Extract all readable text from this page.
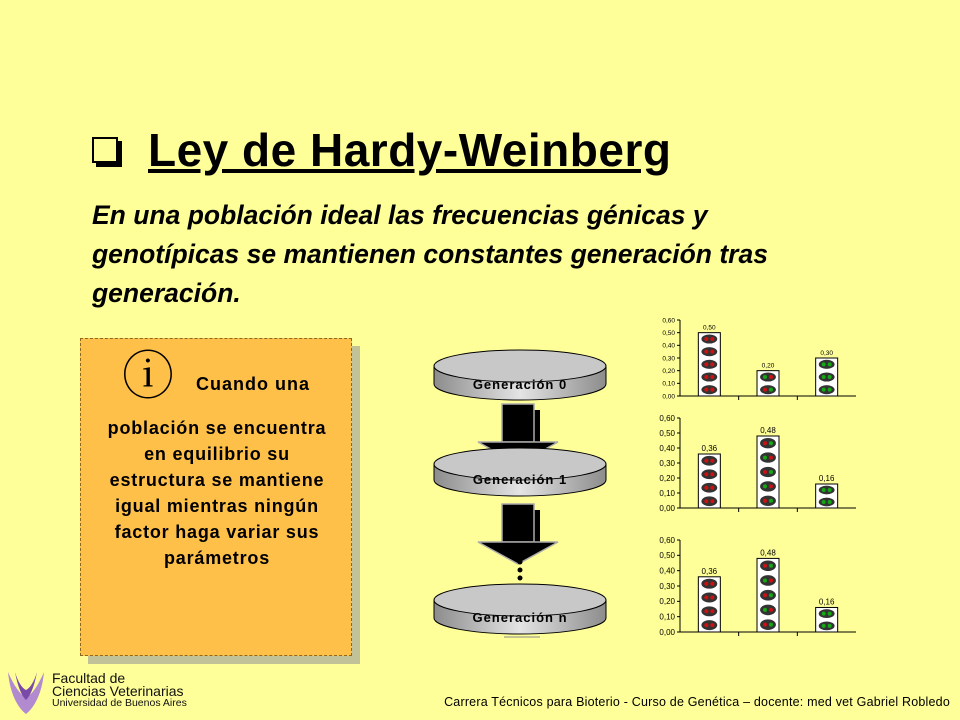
Ley de Hardy-Weinberg
En una población ideal las frecuencias génicas y genotípicas se mantienen constantes generación tras generación.
ⓘ Cuando una
población se encuentra en equilibrio su estructura se mantiene igual mientras ningún factor haga variar sus parámetros
Generación 0
Generación 1
Generación n
0,00
0,10
0,20
0,30
0,40
0,50
0,60
0,50
0,20
0,30
0,00
0,10
0,20
0,30
0,40
0,50
0,60
0,36
0,48
0,16
0,00
0,10
0,20
0,30
0,40
0,50
0,60
0,36
0,48
0,16
Facultad de
Ciencias Veterinarias
Universidad de Buenos Aires	Carrera Técnicos para Bioterio - Curso de Genética – docente: med vet Gabriel Robledo
